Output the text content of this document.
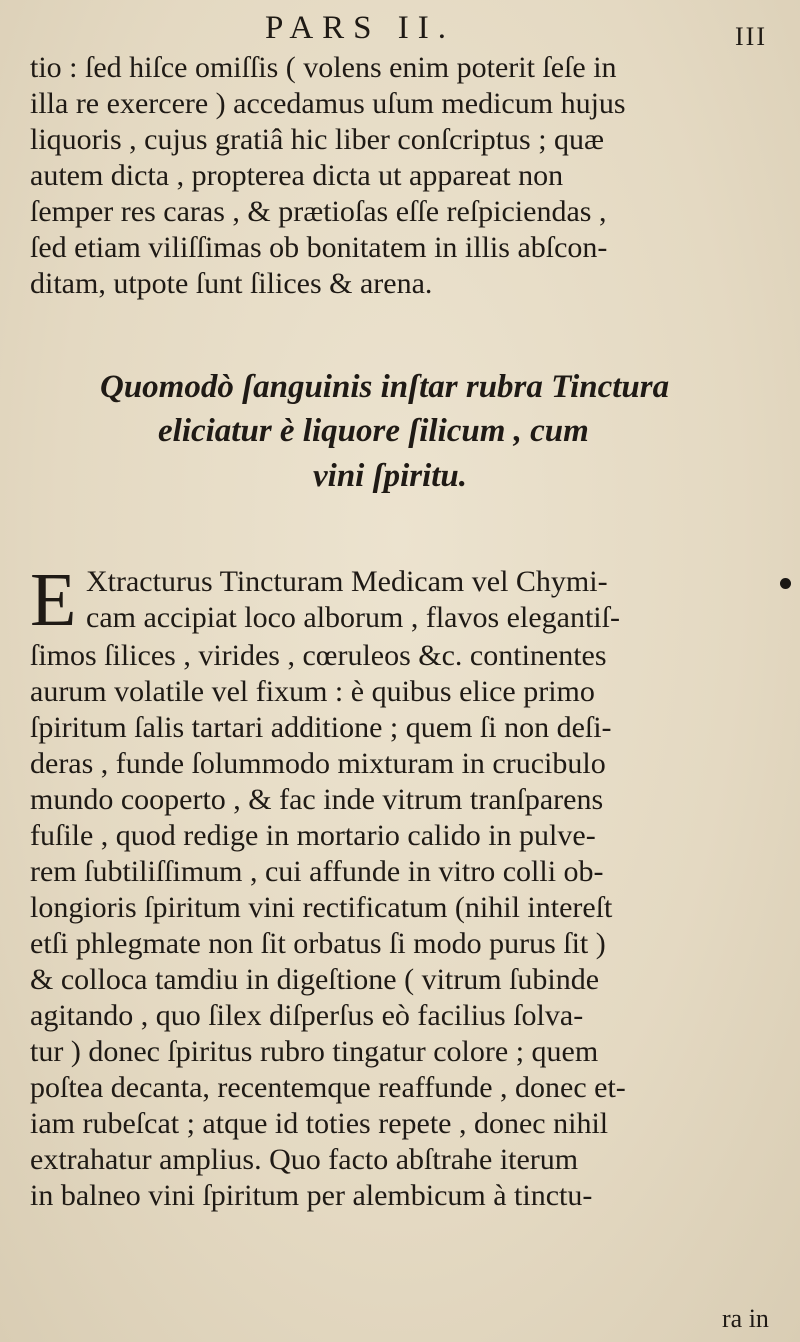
PARS II.	III
tio : ſed hiſce omiſſis ( volens enim poterit ſeſe in
illa re exercere ) accedamus uſum medicum hujus
liquoris , cujus gratiâ hic liber conſcriptus ; quæ
autem dicta , propterea dicta ut appareat non
ſemper res caras , & prætioſas eſſe reſpiciendas ,
ſed etiam viliſſimas ob bonitatem in illis abſcon-
ditam, utpote ſunt ſilices & arena.
Quomodò ſanguinis inſtar rubra Tinctura
eliciatur è liquore ſilicum , cum
vini ſpiritu.
E Xtracturus Tincturam Medicam vel Chymi-
cam accipiat loco alborum , flavos elegantiſ-
ſimos ſilices , virides , cœruleos &c. continentes
aurum volatile vel fixum : è quibus elice primo
ſpiritum ſalis tartari additione ; quem ſi non deſi-
deras , funde ſolummodo mixturam in crucibulo
mundo cooperto , & fac inde vitrum tranſparens
fuſile , quod redige in mortario calido in pulve-
rem ſubtiliſſimum , cui affunde in vitro colli ob-
longioris ſpiritum vini rectificatum (nihil intereſt
etſi phlegmate non ſit orbatus ſi modo purus ſit )
& colloca tamdiu in digeſtione ( vitrum ſubinde
agitando , quo ſilex diſperſus eò facilius ſolva-
tur ) donec ſpiritus rubro tingatur colore ; quem
poſtea decanta, recentemque reaffunde , donec et-
iam rubeſcat ; atque id toties repete , donec nihil
extrahatur amplius. Quo facto abſtrahe iterum
in balneo vini ſpiritum per alembicum à tinctu-
ra in
